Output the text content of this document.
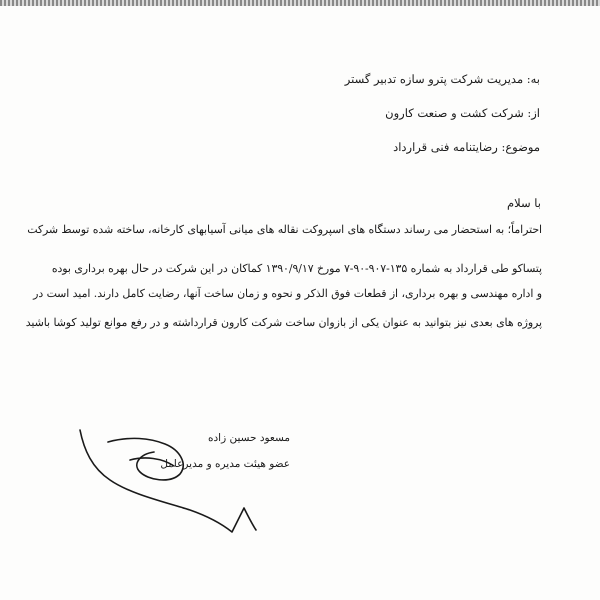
به: مدیریت شرکت پترو سازه تدبیر گستر
از: شرکت کشت و صنعت کارون
موضوع: رضایتنامه فنی قرارداد
با سلام
احتراماً؛ به استحضار می رساند دستگاه های اسپروکت نقاله های میانی آسیابهای کارخانه، ساخته شده توسط شرکت
پتساکو طی قرارداد به شماره ۱۳۵-۹۰۷-۹۰-۷ مورخ ۱۳۹۰/۹/۱۷ کماکان در این شرکت در حال بهره برداری بوده
و اداره مهندسی و بهره برداری، از قطعات فوق الذکر و نحوه و زمان ساخت آنها، رضایت کامل دارند. امید است در
پروژه های بعدی نیز بتوانید به عنوان یکی از بازوان ساخت شرکت کارون قرارداشته و در رفع موانع تولید کوشا باشید
مسعود حسین زاده
عضو هیئت مدیره و مدیرعامل
